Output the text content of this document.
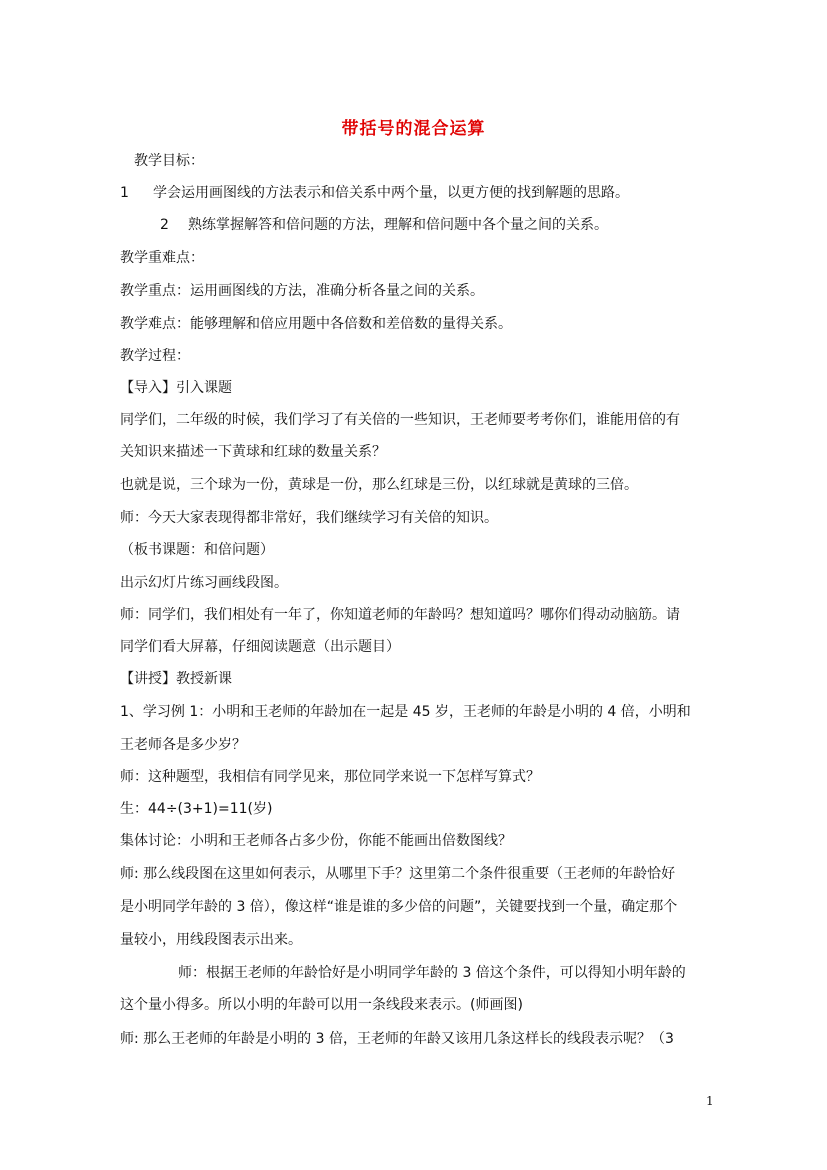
带括号的混合运算

教学目标：

1 学会运用画图线的方法表示和倍关系中两个量，以更方便的找到解题的思路。

2 熟练掌握解答和倍问题的方法，理解和倍问题中各个量之间的关系。

教学重难点：

教学重点：运用画图线的方法，准确分析各量之间的关系。

教学难点：能够理解和倍应用题中各倍数和差倍数的量得关系。

教学过程：

【导入】引入课题

同学们，二年级的时候，我们学习了有关倍的一些知识，王老师要考考你们，谁能用倍的有

关知识来描述一下黄球和红球的数量关系？

也就是说，三个球为一份，黄球是一份，那么红球是三份，以红球就是黄球的三倍。

师：今天大家表现得都非常好，我们继续学习有关倍的知识。

（板书课题：和倍问题）

出示幻灯片练习画线段图。

师：同学们，我们相处有一年了，你知道老师的年龄吗？想知道吗？哪你们得动动脑筋。请

同学们看大屏幕，仔细阅读题意（出示题目）

【讲授】教授新课

1、学习例 1：小明和王老师的年龄加在一起是 45 岁，王老师的年龄是小明的 4 倍，小明和

王老师各是多少岁？

师：这种题型，我相信有同学见来，那位同学来说一下怎样写算式？

生：44÷(3+1)=11(岁)

集体讨论：小明和王老师各占多少份，你能不能画出倍数图线？

师: 那么线段图在这里如何表示，从哪里下手？这里第二个条件很重要（王老师的年龄恰好

是小明同学年龄的 3 倍），像这样“谁是谁的多少倍的问题”，关键要找到一个量，确定那个

量较小，用线段图表示出来。

师：根据王老师的年龄恰好是小明同学年龄的 3 倍这个条件，可以得知小明年龄的

这个量小得多。所以小明的年龄可以用一条线段来表示。(师画图)

师: 那么王老师的年龄是小明的 3 倍，王老师的年龄又该用几条这样长的线段表示呢？（3

1
